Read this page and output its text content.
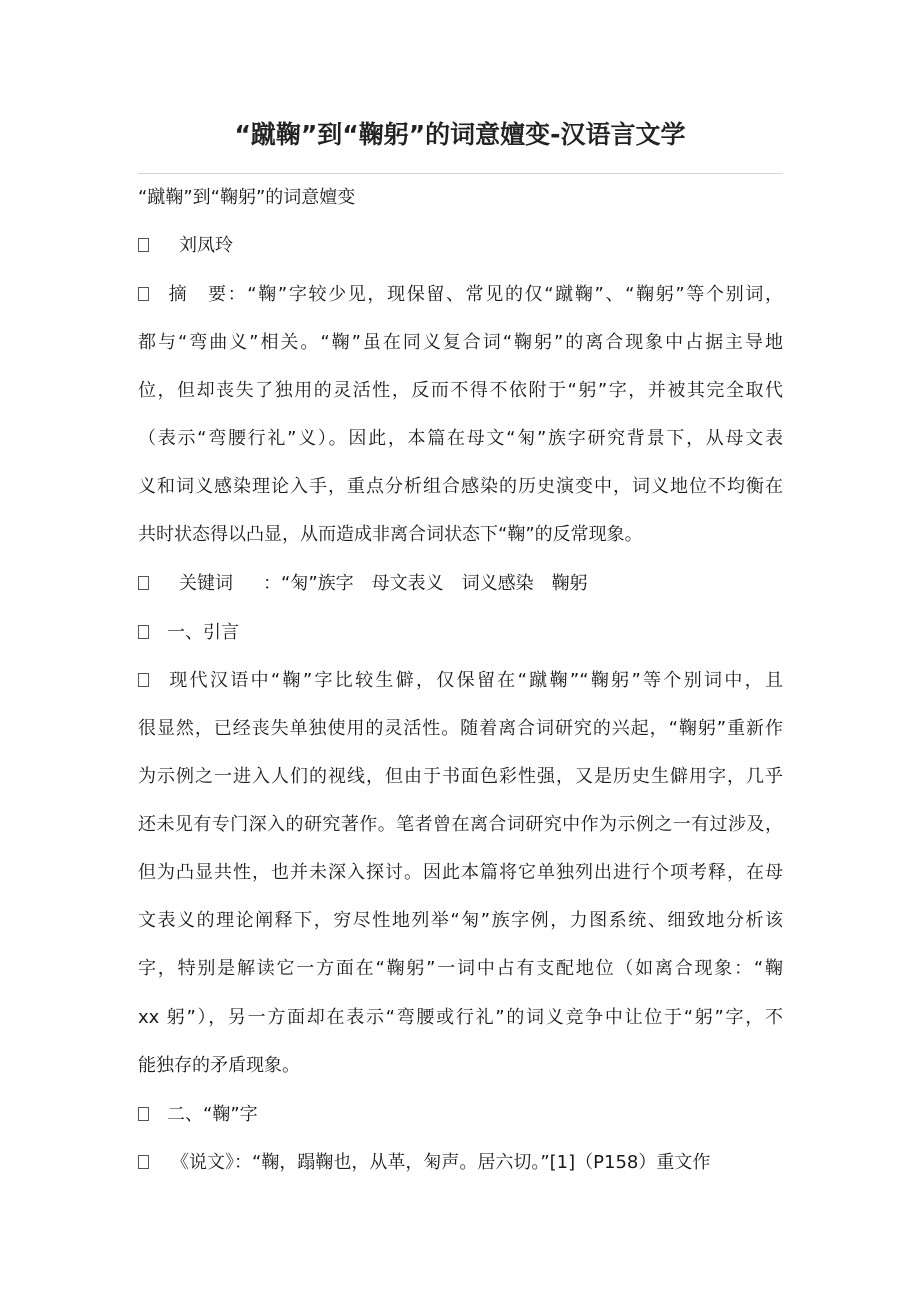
“蹴鞠”到“鞠躬”的词意嬗变-汉语言文学

“蹴鞠”到“鞠躬”的词意嬗变

刘凤玲

摘　要：“鞠”字较少见，现保留、常见的仅“蹴鞠”、“鞠躬”等个别词，

都与“弯曲义”相关。“鞠”虽在同义复合词“鞠躬”的离合现象中占据主导地

位，但却丧失了独用的灵活性，反而不得不依附于“躬”字，并被其完全取代

（表示“弯腰行礼”义）。因此，本篇在母文“匊”族字研究背景下，从母文表

义和词义感染理论入手，重点分析组合感染的历史演变中，词义地位不均衡在

共时状态得以凸显，从而造成非离合词状态下“鞠”的反常现象。

关键词 ：“匊”族字　母文表义　词义感染　鞠躬

一、引言

现代汉语中“鞠”字比较生僻，仅保留在“蹴鞠”“鞠躬”等个别词中，且

很显然，已经丧失单独使用的灵活性。随着离合词研究的兴起，“鞠躬”重新作

为示例之一进入人们的视线，但由于书面色彩性强，又是历史生僻用字，几乎

还未见有专门深入的研究著作。笔者曾在离合词研究中作为示例之一有过涉及，

但为凸显共性，也并未深入探讨。因此本篇将它单独列出进行个项考释，在母

文表义的理论阐释下，穷尽性地列举“匊”族字例，力图系统、细致地分析该

字，特别是解读它一方面在“鞠躬”一词中占有支配地位（如离合现象：“鞠

xx 躬”），另一方面却在表示“弯腰或行礼”的词义竞争中让位于“躬”字，不

能独存的矛盾现象。

二、“鞠”字

《说文》：“鞠，蹋鞠也，从革，匊声。居六切。”[1]（P158）重文作
